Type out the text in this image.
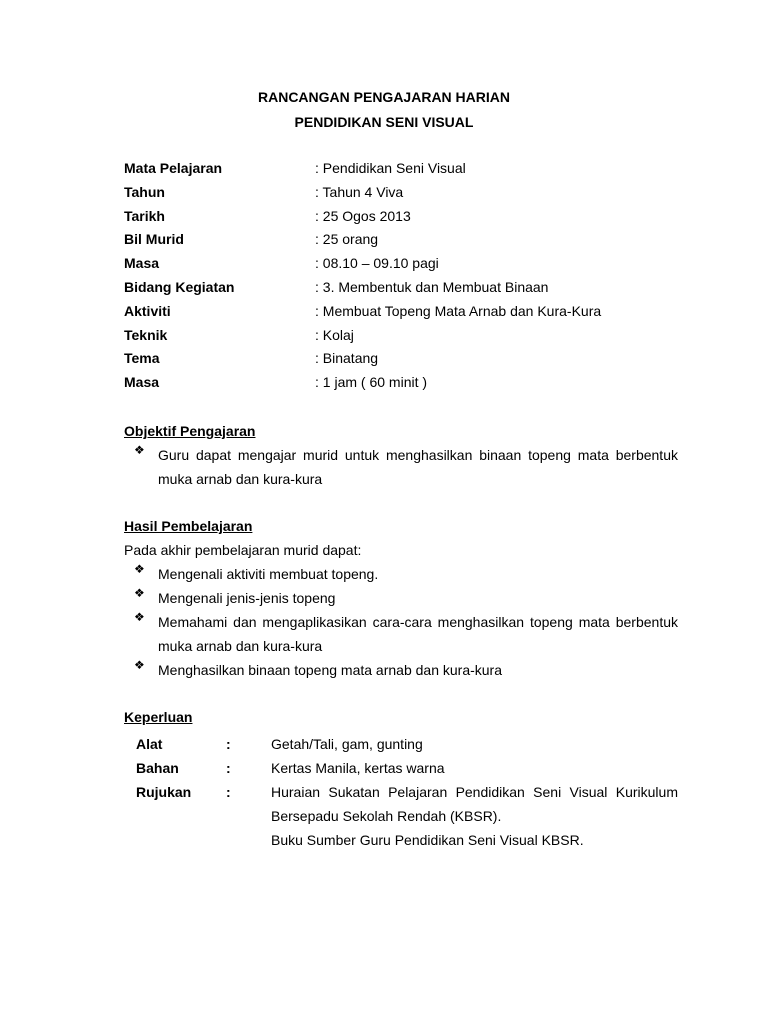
RANCANGAN PENGAJARAN HARIAN
PENDIDIKAN SENI VISUAL
Mata Pelajaran	: Pendidikan Seni Visual
Tahun	: Tahun 4 Viva
Tarikh	: 25 Ogos 2013
Bil Murid	: 25 orang
Masa	: 08.10 – 09.10 pagi
Bidang Kegiatan	: 3. Membentuk dan Membuat Binaan
Aktiviti	: Membuat Topeng Mata Arnab dan Kura-Kura
Teknik	: Kolaj
Tema	: Binatang
Masa	: 1 jam ( 60 minit )
Objektif Pengajaran
❖ Guru dapat mengajar murid untuk menghasilkan binaan topeng mata berbentuk muka arnab dan kura-kura
Hasil Pembelajaran
Pada akhir pembelajaran murid dapat:
❖ Mengenali aktiviti membuat topeng.
❖ Mengenali jenis-jenis topeng
❖ Memahami dan mengaplikasikan cara-cara menghasilkan topeng mata berbentuk muka arnab dan kura-kura
❖ Menghasilkan binaan topeng mata arnab dan kura-kura
Keperluan
Alat	:	Getah/Tali, gam, gunting
Bahan	:	Kertas Manila, kertas warna
Rujukan :	Huraian Sukatan Pelajaran Pendidikan Seni Visual Kurikulum Bersepadu Sekolah Rendah (KBSR).
Buku Sumber Guru Pendidikan Seni Visual KBSR.
